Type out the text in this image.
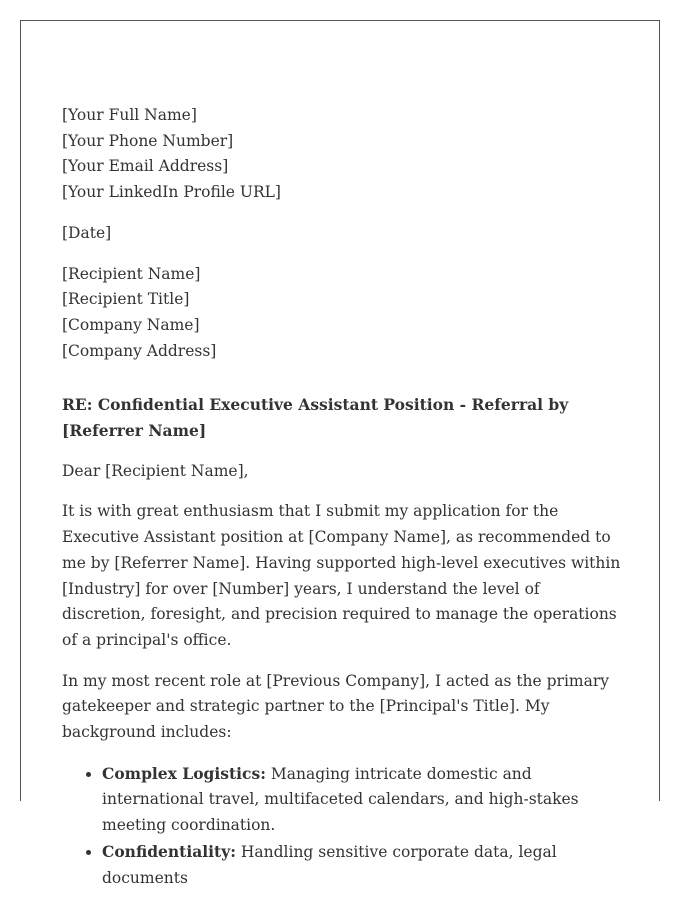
[Your Full Name]
[Your Phone Number]
[Your Email Address]
[Your LinkedIn Profile URL]
[Date]
[Recipient Name]
[Recipient Title]
[Company Name]
[Company Address]

RE: Confidential Executive Assistant Position - Referral by [Referrer Name]

Dear [Recipient Name],

It is with great enthusiasm that I submit my application for the Executive Assistant position at [Company Name], as recommended to me by [Referrer Name]. Having supported high-level executives within [Industry] for over [Number] years, I understand the level of discretion, foresight, and precision required to manage the operations of a principal's office.

In my most recent role at [Previous Company], I acted as the primary gatekeeper and strategic partner to the [Principal's Title]. My background includes:

• Complex Logistics: Managing intricate domestic and international travel, multifaceted calendars, and high-stakes meeting coordination.
• Confidentiality: Handling sensitive corporate data, legal documents
